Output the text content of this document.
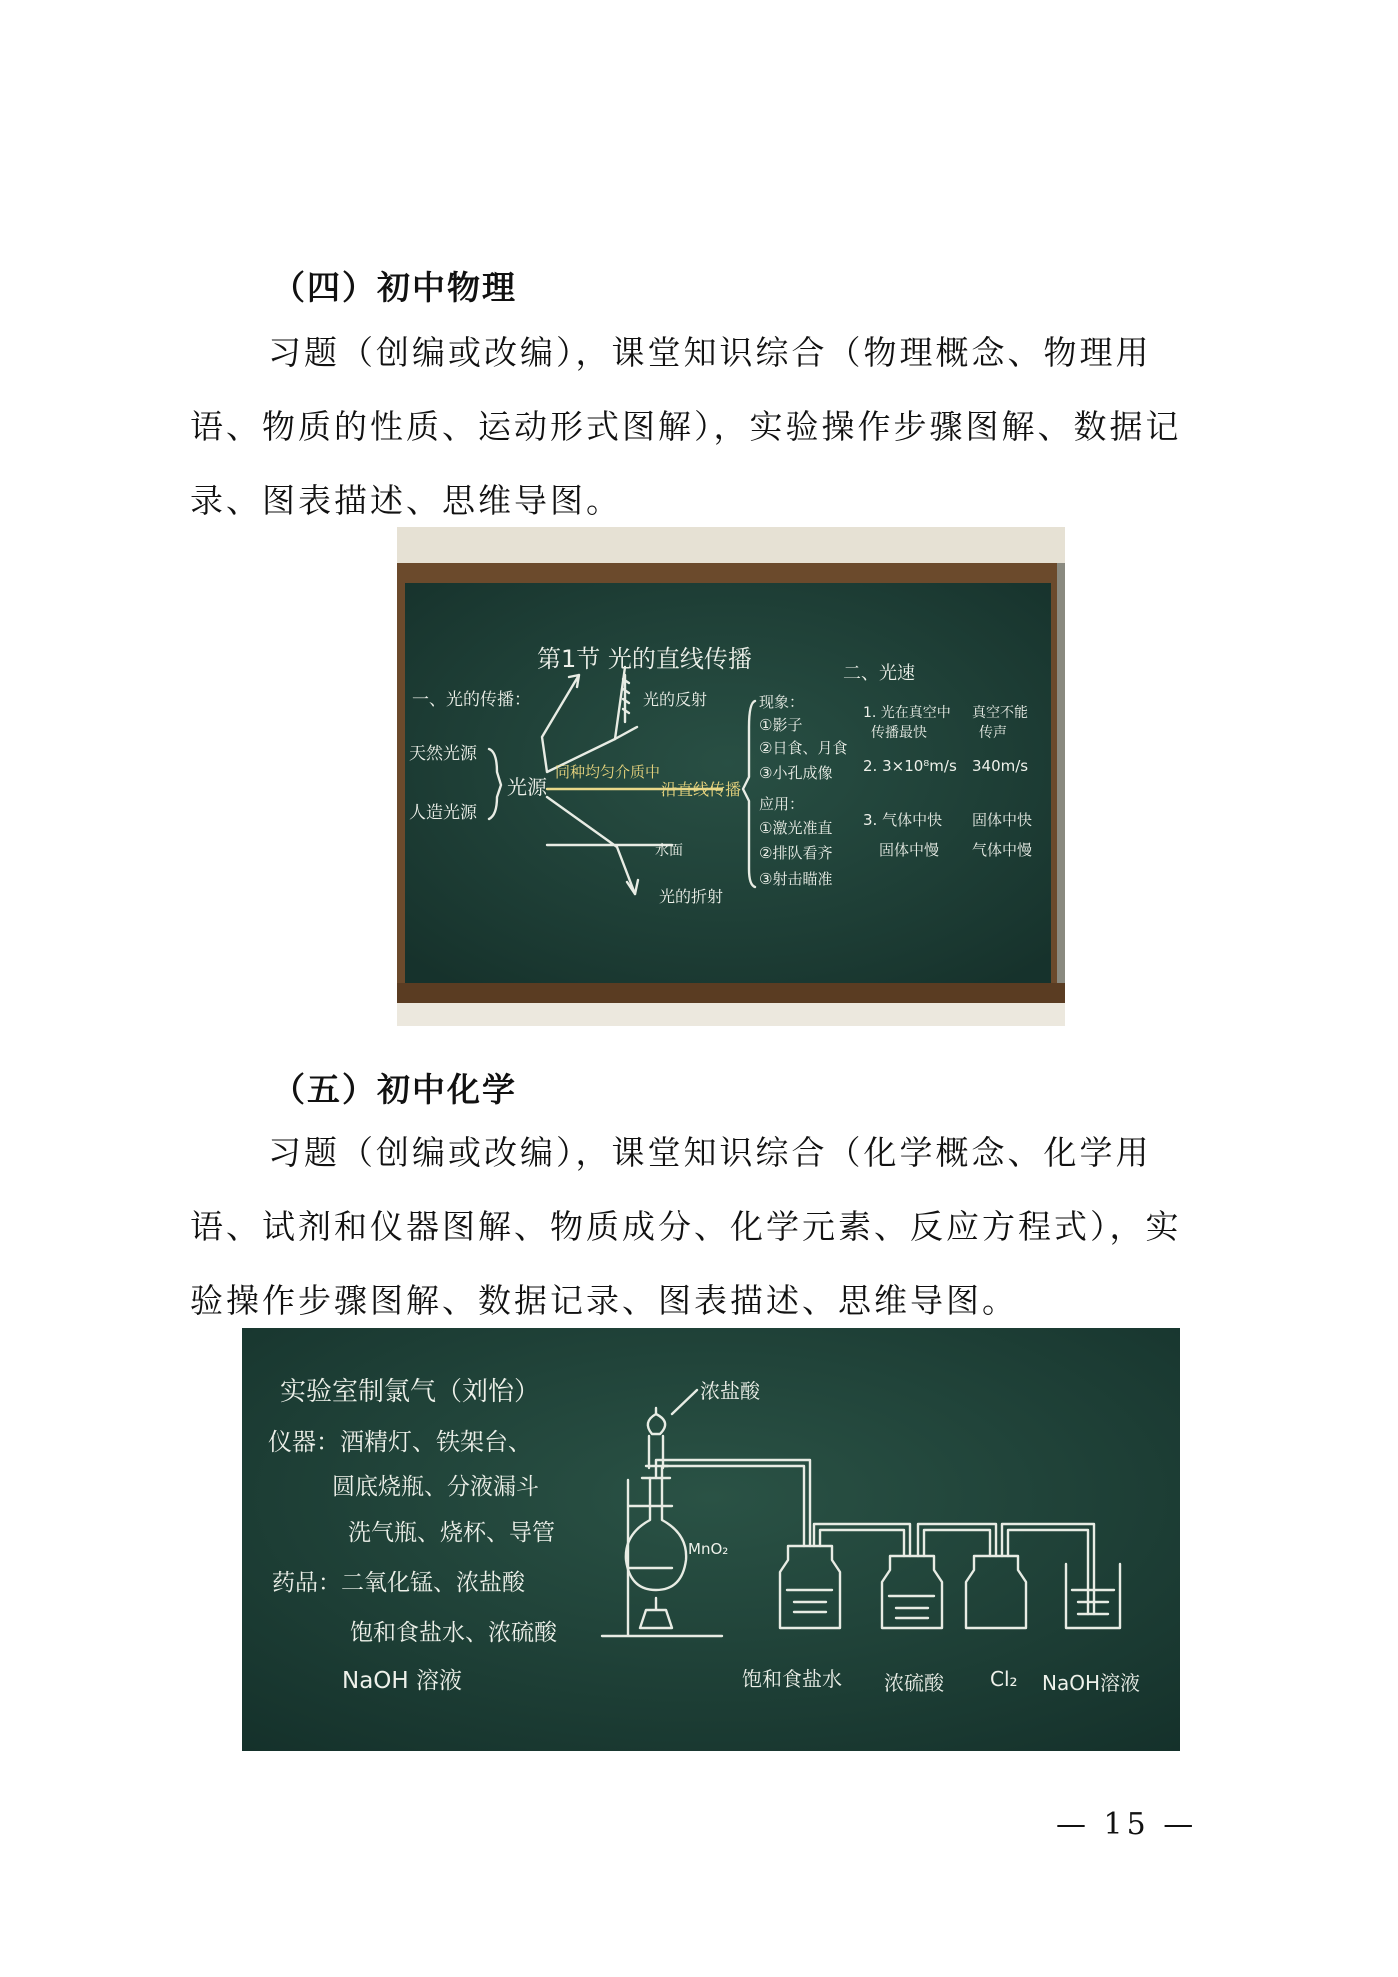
（四）初中物理
习题（创编或改编），课堂知识综合（物理概念、物理用语、物质的性质、运动形式图解），实验操作步骤图解、数据记录、图表描述、思维导图。
第1节 光的直线传播
一、光的传播：
天然光源
人造光源
光源
光的反射
同种均匀介质中
沿直线传播
水面
光的折射
现象：
①影子
②日食、月食
③小孔成像
应用：
①激光准直
②排队看齐
③射击瞄准
二、光速
1. 光在真空中 真空不能
传播最快	传声
2. 3×10⁸m/s 340m/s
3. 气体中快 固体中快
固体中慢 气体中慢
（五）初中化学
习题（创编或改编），课堂知识综合（化学概念、化学用语、试剂和仪器图解、物质成分、化学元素、反应方程式），实验操作步骤图解、数据记录、图表描述、思维导图。
实验室制氯气（刘怡）
仪器：酒精灯、铁架台、
圆底烧瓶、分液漏斗
洗气瓶、烧杯、导管
药品：二氧化锰、浓盐酸
饱和食盐水、浓硫酸
NaOH 溶液
浓盐酸
MnO₂
饱和食盐水 浓硫酸 Cl₂ NaOH溶液
— 15 —
